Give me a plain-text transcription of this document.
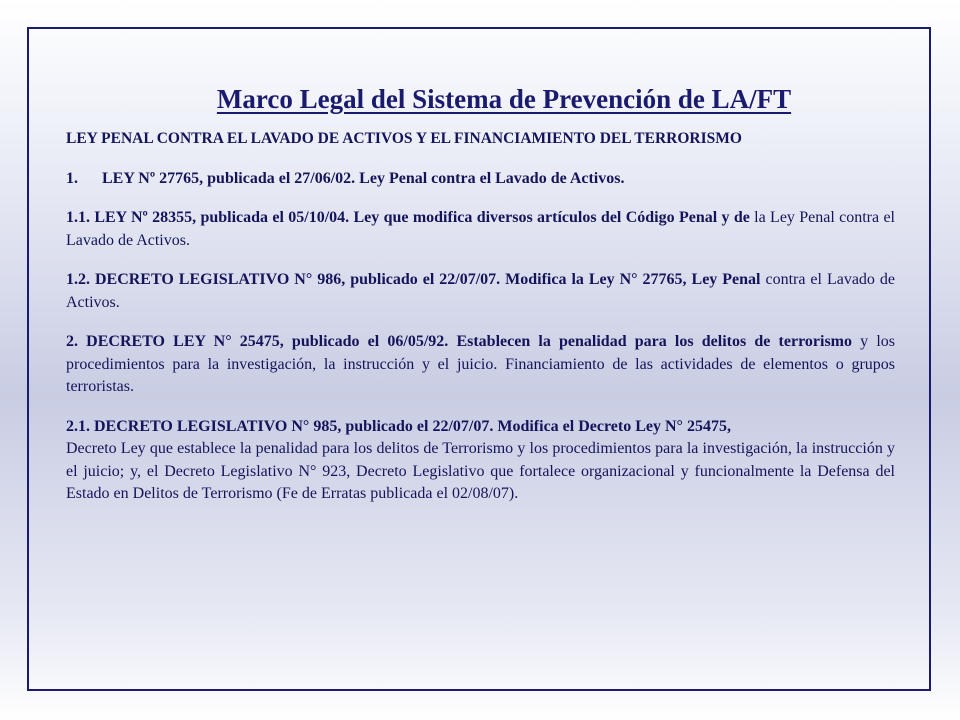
Marco Legal del Sistema de Prevención de LA/FT

LEY PENAL CONTRA EL LAVADO DE ACTIVOS Y EL FINANCIAMIENTO DEL TERRORISMO

1.	LEY Nº 27765, publicada el 27/06/02. Ley Penal contra el Lavado de Activos.

1.1. LEY Nº 28355, publicada el 05/10/04. Ley que modifica diversos artículos del Código Penal y de la Ley Penal contra el Lavado de Activos.

1.2. DECRETO LEGISLATIVO N° 986, publicado el 22/07/07. Modifica la Ley N° 27765, Ley Penal contra el Lavado de Activos.

2. DECRETO LEY N° 25475, publicado el 06/05/92. Establecen la penalidad para los delitos de terrorismo y los procedimientos para la investigación, la instrucción y el juicio. Financiamiento de las actividades de elementos o grupos terroristas.

2.1. DECRETO LEGISLATIVO N° 985, publicado el 22/07/07. Modifica el Decreto Ley N° 25475,

Decreto Ley que establece la penalidad para los delitos de Terrorismo y los procedimientos para la investigación, la instrucción y el juicio; y, el Decreto Legislativo N° 923, Decreto Legislativo que fortalece organizacional y funcionalmente la Defensa del Estado en Delitos de Terrorismo (Fe de Erratas publicada el 02/08/07).
